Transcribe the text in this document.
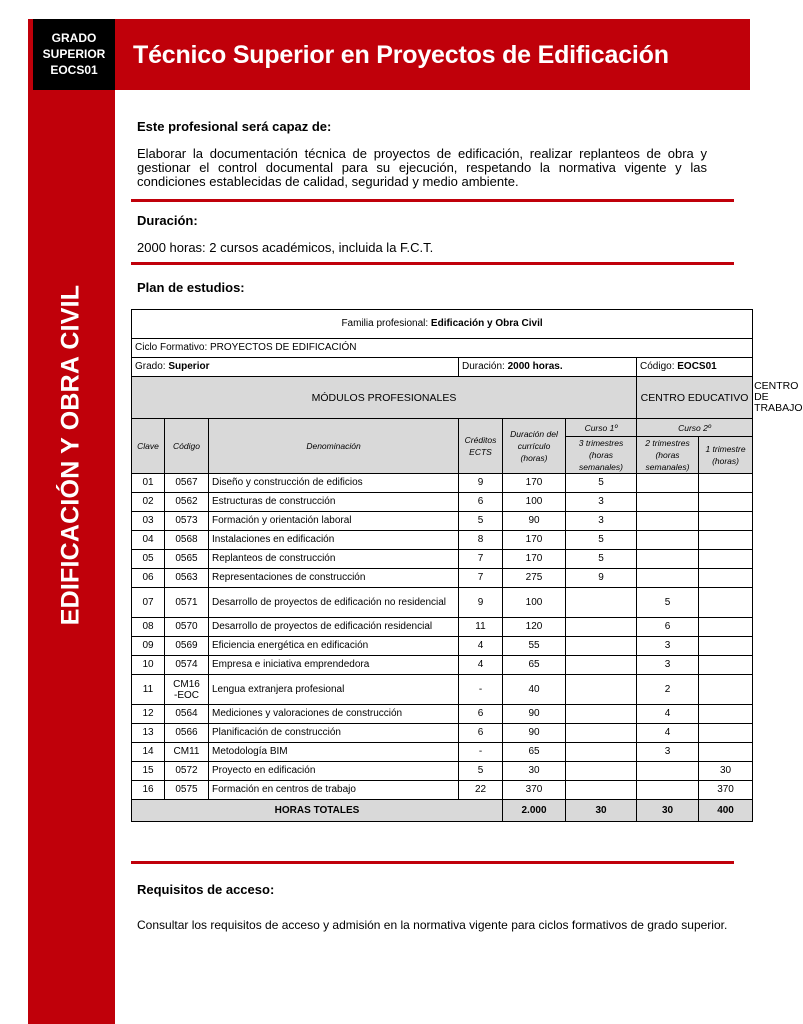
GRADO
SUPERIOR
EOCS01
Técnico Superior en Proyectos de Edificación
EDIFICACIÓN Y OBRA CIVIL
Este profesional será capaz de:
Elaborar la documentación técnica de proyectos de edificación, realizar replanteos de obra y gestionar el control documental para su ejecución, respetando la normativa vigente y las condiciones establecidas de calidad, seguridad y medio ambiente.
Duración:
2000 horas: 2 cursos académicos, incluida la F.C.T.
Plan de estudios:
Familia profesional: Edificación y Obra Civil								
Ciclo Formativo: PROYECTOS DE EDIFICACIÓN								
Grado: Superior			Duración: 2000 horas.			Código: EOCS01		
MÓDULOS PROFESIONALES						CENTRO EDUCATIVO		CENTRO DE TRABAJO
Clave	Código	Denominación	Créditos ECTS	Duración del currículo (horas)	Curso 1º	Curso 2º		
					3 trimestres (horas semanales)	2 trimestres (horas semanales)	1 trimestre (horas)	
01	0567	Diseño y construcción de edificios	9	170	5			
02	0562	Estructuras de construcción	6	100	3			
03	0573	Formación y orientación laboral	5	90	3			
04	0568	Instalaciones en edificación	8	170	5			
05	0565	Replanteos de construcción	7	170	5			
06	0563	Representaciones de construcción	7	275	9			
07	0571	Desarrollo de proyectos de edificación no residencial	9	100		5		
08	0570	Desarrollo de proyectos de edificación residencial	11	120		6		
09	0569	Eficiencia energética en edificación	4	55		3		
10	0574	Empresa e iniciativa emprendedora	4	65		3		
11	CM16 -EOC	Lengua extranjera profesional	-	40		2		
12	0564	Mediciones y valoraciones de construcción	6	90		4		
13	0566	Planificación de construcción	6	90		4		
14	CM11	Metodología BIM	-	65		3		
15	0572	Proyecto en edificación	5	30			30	
16	0575	Formación en centros de trabajo	22	370			370	
HORAS TOTALES				2.000	30	30	400	
Requisitos de acceso:
Consultar los requisitos de acceso y admisión en la normativa vigente para ciclos formativos de grado superior.
